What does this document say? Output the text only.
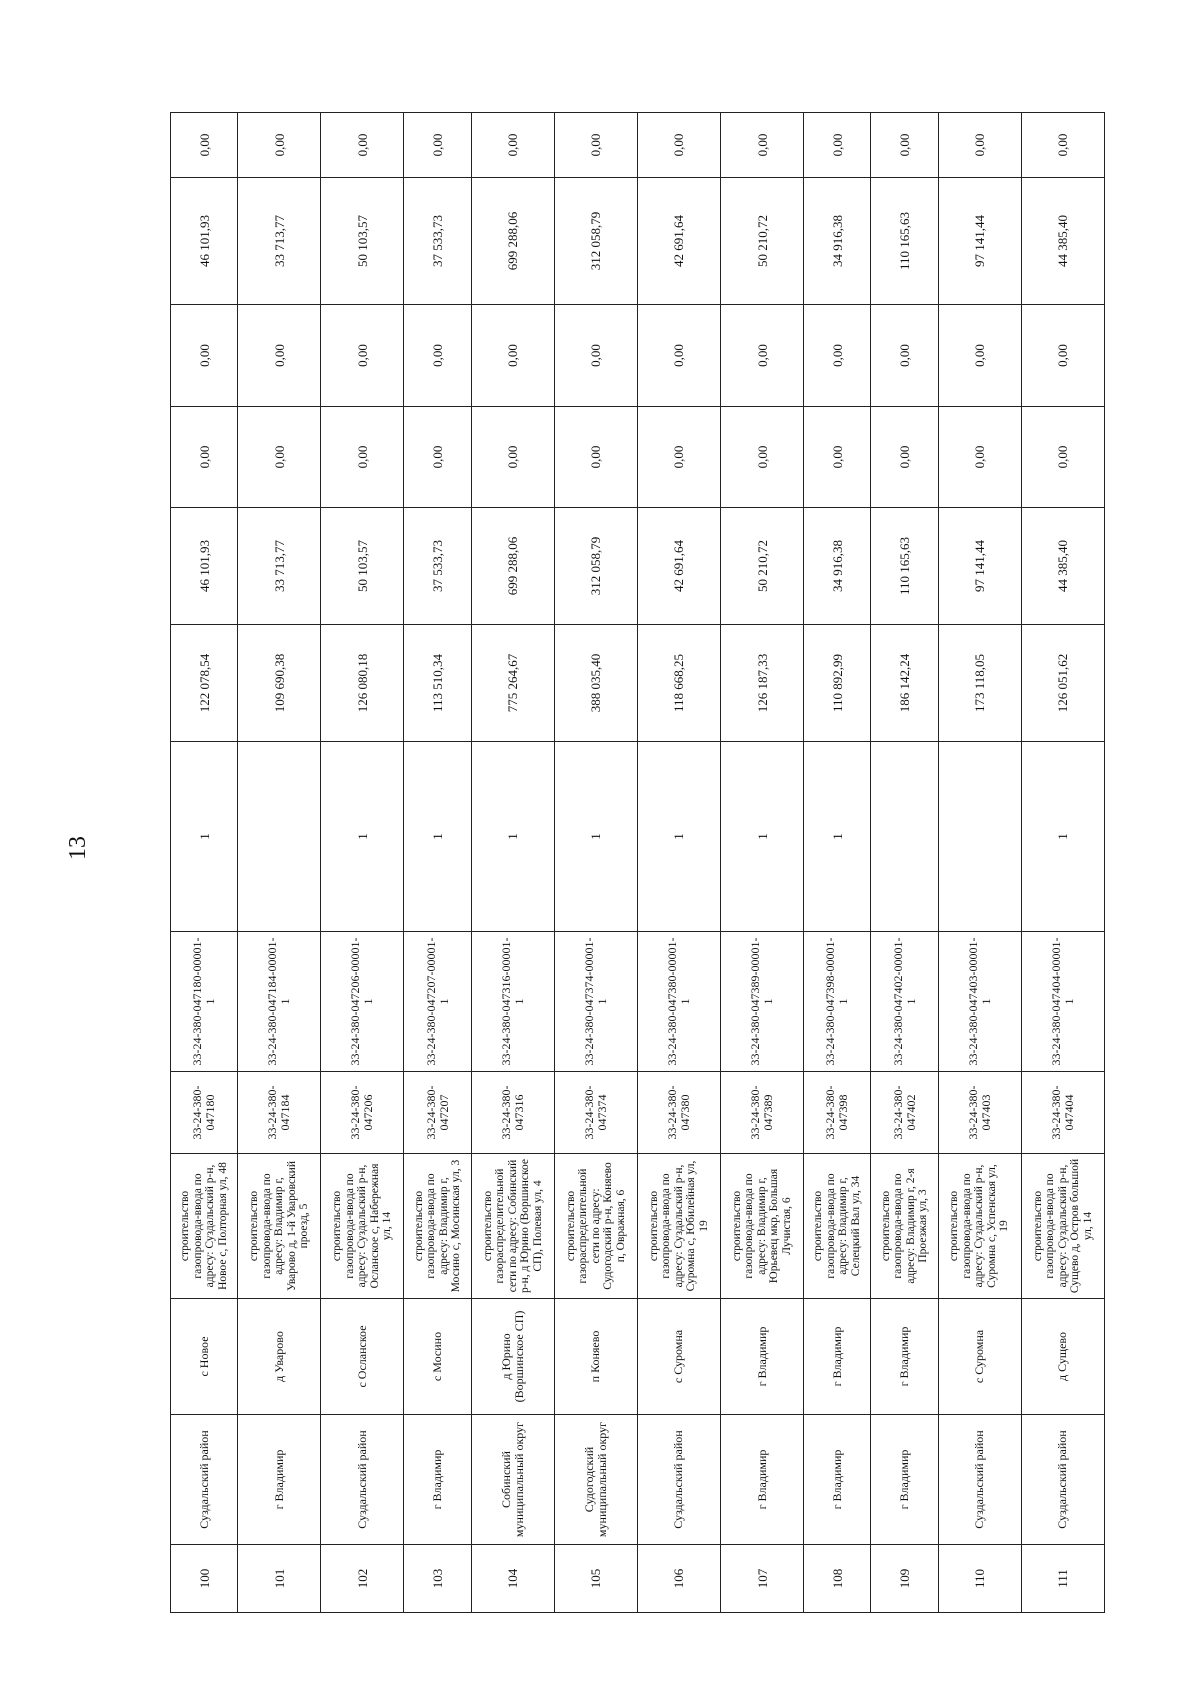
13
100	Суздальский район	с Новое	строительство газопровода-ввода по адресу: Суздальский р-н, Новое с, Полторная ул, 48	33-24-380-047180	33-24-380-047180-00001-1	1	122 078,54	46 101,93	0,00	0,00	46 101,93	0,00
101	г Владимир	д Уварово	строительство газопровода-ввода по адресу: Владимир г, Уварово д, 1-й Уваровский проезд, 5	33-24-380-047184	33-24-380-047184-00001-1		109 690,38	33 713,77	0,00	0,00	33 713,77	0,00
102	Суздальский район	с Осланское	строительство газопровода-ввода по адресу: Суздальский р-н, Осланское с, Набережная ул, 14	33-24-380-047206	33-24-380-047206-00001-1	1	126 080,18	50 103,57	0,00	0,00	50 103,57	0,00
103	г Владимир	с Мосино	строительство газопровода-ввода по адресу: Владимир г, Мосино с, Мосинская ул, 3	33-24-380-047207	33-24-380-047207-00001-1	1	113 510,34	37 533,73	0,00	0,00	37 533,73	0,00
104	Собинский муниципальный округ	д Юрино (Воршинское СП)	строительство газораспределительной сети по адресу: Собинский р-н, д Юрино (Воршинское СП), Полевая ул, 4	33-24-380-047316	33-24-380-047316-00001-1	1	775 264,67	699 288,06	0,00	0,00	699 288,06	0,00
105	Судогодский муниципальный округ	п Коняево	строительство газораспределительной сети по адресу: Судогодский р-н, Коняево п, Овражная, 6	33-24-380-047374	33-24-380-047374-00001-1	1	388 035,40	312 058,79	0,00	0,00	312 058,79	0,00
106	Суздальский район	с Суромна	строительство газопровода-ввода по адресу: Суздальский р-н, Суромна с, Юбилейная ул, 19	33-24-380-047380	33-24-380-047380-00001-1	1	118 668,25	42 691,64	0,00	0,00	42 691,64	0,00
107	г Владимир	г Владимир	строительство газопровода-ввода по адресу: Владимир г, Юрьевец мкр, Большая Лучистая, 6	33-24-380-047389	33-24-380-047389-00001-1	1	126 187,33	50 210,72	0,00	0,00	50 210,72	0,00
108	г Владимир	г Владимир	строительство газопровода-ввода по адресу: Владимир г, Селецкий Вал ул, 34	33-24-380-047398	33-24-380-047398-00001-1	1	110 892,99	34 916,38	0,00	0,00	34 916,38	0,00
109	г Владимир	г Владимир	строительство газопровода-ввода по адресу: Владимир г, 2-я Проезжая ул, 3	33-24-380-047402	33-24-380-047402-00001-1		186 142,24	110 165,63	0,00	0,00	110 165,63	0,00
110	Суздальский район	с Суромна	строительство газопровода-ввода по адресу: Суздальский р-н, Суромна с, Успенская ул, 19	33-24-380-047403	33-24-380-047403-00001-1		173 118,05	97 141,44	0,00	0,00	97 141,44	0,00
111	Суздальский район	д Сущево	строительство газопровода-ввода по адресу: Суздальский р-н, Сущево д, Остров большой ул, 14	33-24-380-047404	33-24-380-047404-00001-1	1	126 051,62	44 385,40	0,00	0,00	44 385,40	0,00
